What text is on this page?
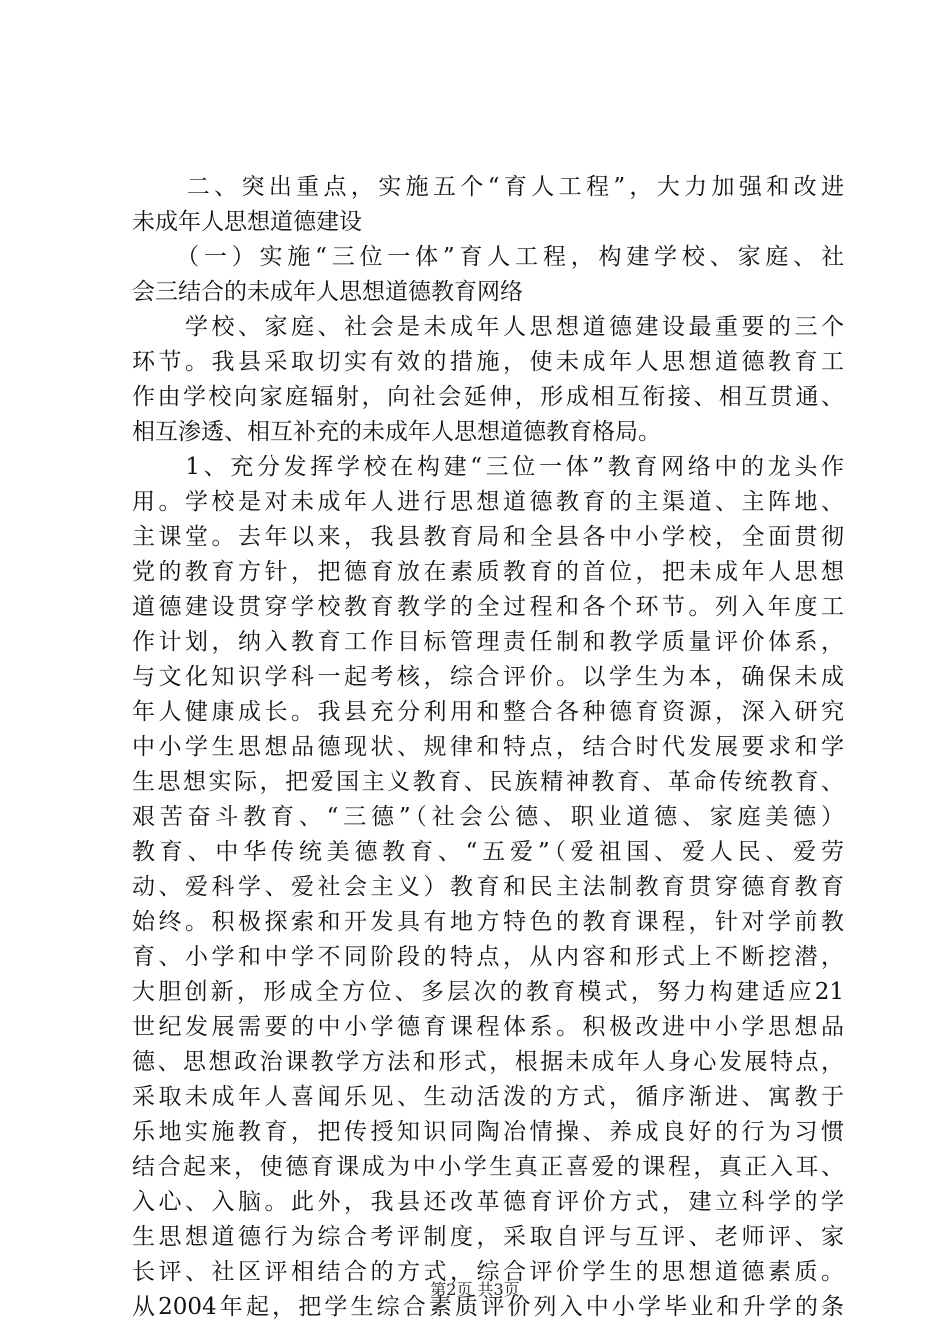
　　二、突出重点，实施五个“育人工程”，大力加强和改进
未成年人思想道德建设
　　（一）实施“三位一体”育人工程，构建学校、家庭、社
会三结合的未成年人思想道德教育网络
　　学校、家庭、社会是未成年人思想道德建设最重要的三个
环节。我县采取切实有效的措施，使未成年人思想道德教育工
作由学校向家庭辐射，向社会延伸，形成相互衔接、相互贯通、
相互渗透、相互补充的未成年人思想道德教育格局。
　　1、充分发挥学校在构建“三位一体”教育网络中的龙头作
用。学校是对未成年人进行思想道德教育的主渠道、主阵地、
主课堂。去年以来，我县教育局和全县各中小学校，全面贯彻
党的教育方针，把德育放在素质教育的首位，把未成年人思想
道德建设贯穿学校教育教学的全过程和各个环节。列入年度工
作计划，纳入教育工作目标管理责任制和教学质量评价体系，
与文化知识学科一起考核，综合评价。以学生为本，确保未成
年人健康成长。我县充分利用和整合各种德育资源，深入研究
中小学生思想品德现状、规律和特点，结合时代发展要求和学
生思想实际，把爱国主义教育、民族精神教育、革命传统教育、
艰苦奋斗教育、“三德”（社会公德、职业道德、家庭美德）
教育、中华传统美德教育、“五爱”（爱祖国、爱人民、爱劳
动、爱科学、爱社会主义）教育和民主法制教育贯穿德育教育
始终。积极探索和开发具有地方特色的教育课程，针对学前教
育、小学和中学不同阶段的特点，从内容和形式上不断挖潜，
大胆创新，形成全方位、多层次的教育模式，努力构建适应21
世纪发展需要的中小学德育课程体系。积极改进中小学思想品
德、思想政治课教学方法和形式，根据未成年人身心发展特点，
采取未成年人喜闻乐见、生动活泼的方式，循序渐进、寓教于
乐地实施教育，把传授知识同陶冶情操、养成良好的行为习惯
结合起来，使德育课成为中小学生真正喜爱的课程，真正入耳、
入心、入脑。此外，我县还改革德育评价方式，建立科学的学
生思想道德行为综合考评制度，采取自评与互评、老师评、家
长评、社区评相结合的方式，综合评价学生的思想道德素质。
从2004年起，把学生综合素质评价列入中小学毕业和升学的条
第2页 共3页
